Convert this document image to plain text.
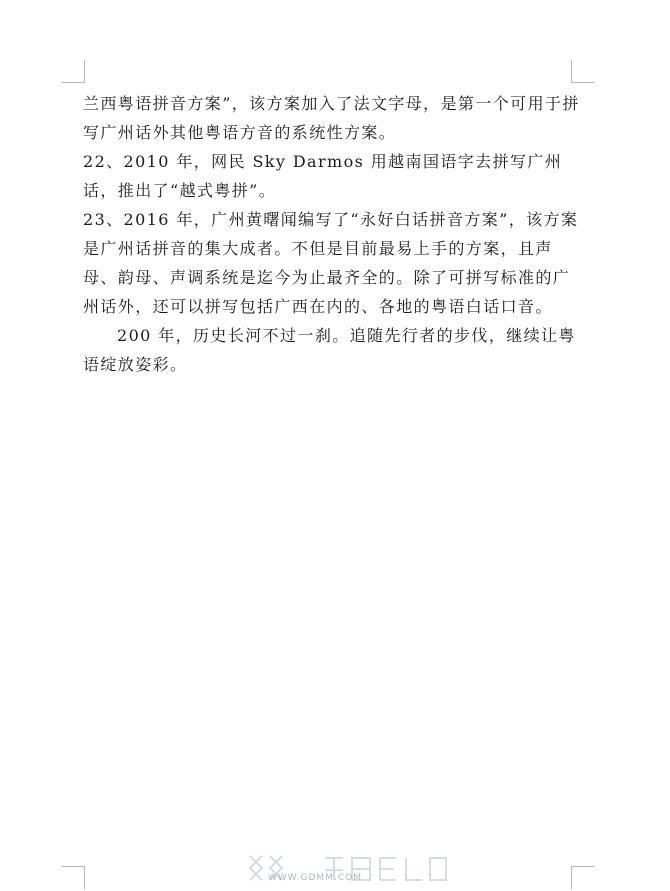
兰西粤语拼音方案”，该方案加入了法文字母，是第一个可用于拼写广州话外其他粤语方音的系统性方案。

22、2010 年，网民 Sky Darmos 用越南国语字去拼写广州话，推出了“越式粤拼”。

23、2016 年，广州黄曙闻编写了“永好白话拼音方案”，该方案是广州话拼音的集大成者。不但是目前最易上手的方案，且声母、韵母、声调系统是迄今为止最齐全的。除了可拼写标准的广州话外，还可以拼写包括广西在内的、各地的粤语白话口音。

200 年，历史长河不过一刹。追随先行者的步伐，继续让粤语绽放姿彩。

WWW.GDMM.COM
